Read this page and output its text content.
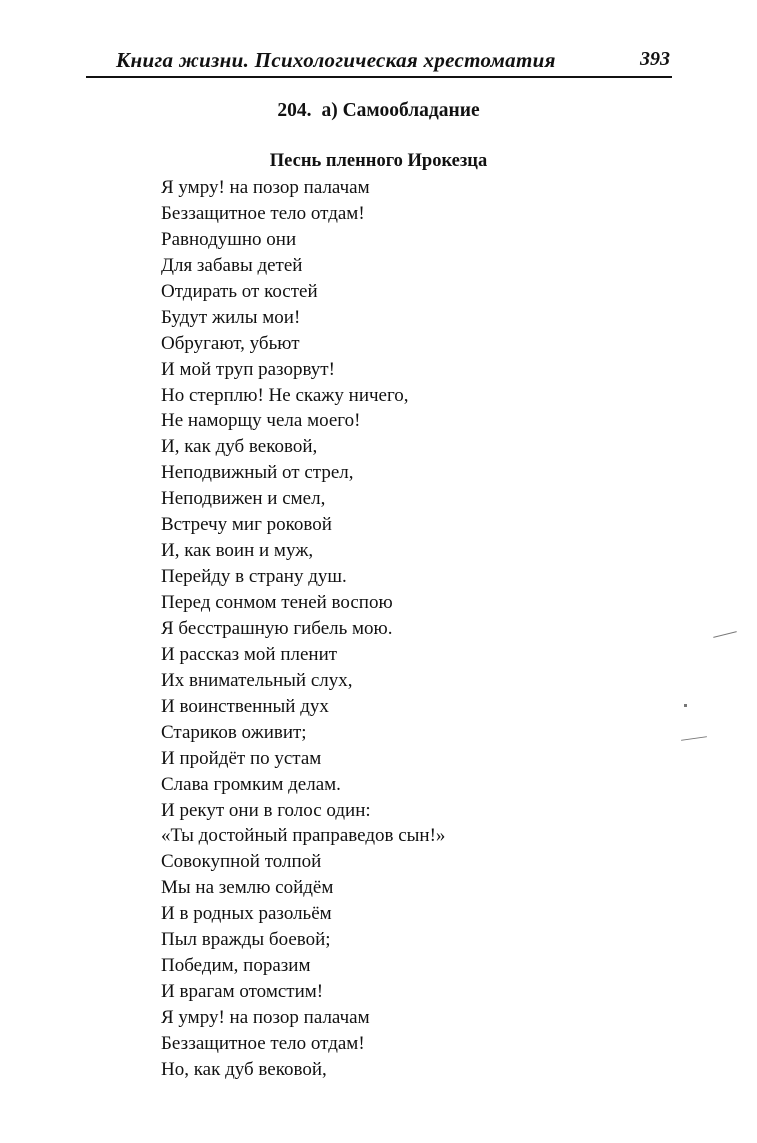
Книга жизни. Психологическая хрестоматия	393
204. а) Самообладание
Песнь пленного Ирокезца
Я умру! на позор палачам
Беззащитное тело отдам!
Равнодушно они
Для забавы детей
Отдирать от костей
Будут жилы мои!
Обругают, убьют
И мой труп разорвут!
Но стерплю! Не скажу ничего,
Не наморщу чела моего!
И, как дуб вековой,
Неподвижный от стрел,
Неподвижен и смел,
Встречу миг роковой
И, как воин и муж,
Перейду в страну душ.
Перед сонмом теней воспою
Я бесстрашную гибель мою.
И рассказ мой пленит
Их внимательный слух,
И воинственный дух
Стариков оживит;
И пройдёт по устам
Слава громким делам.
И рекут они в голос один:
«Ты достойный праправедов сын!»
Совокупной толпой
Мы на землю сойдём
И в родных разольём
Пыл вражды боевой;
Победим, поразим
И врагам отомстим!
Я умру! на позор палачам
Беззащитное тело отдам!
Но, как дуб вековой,
